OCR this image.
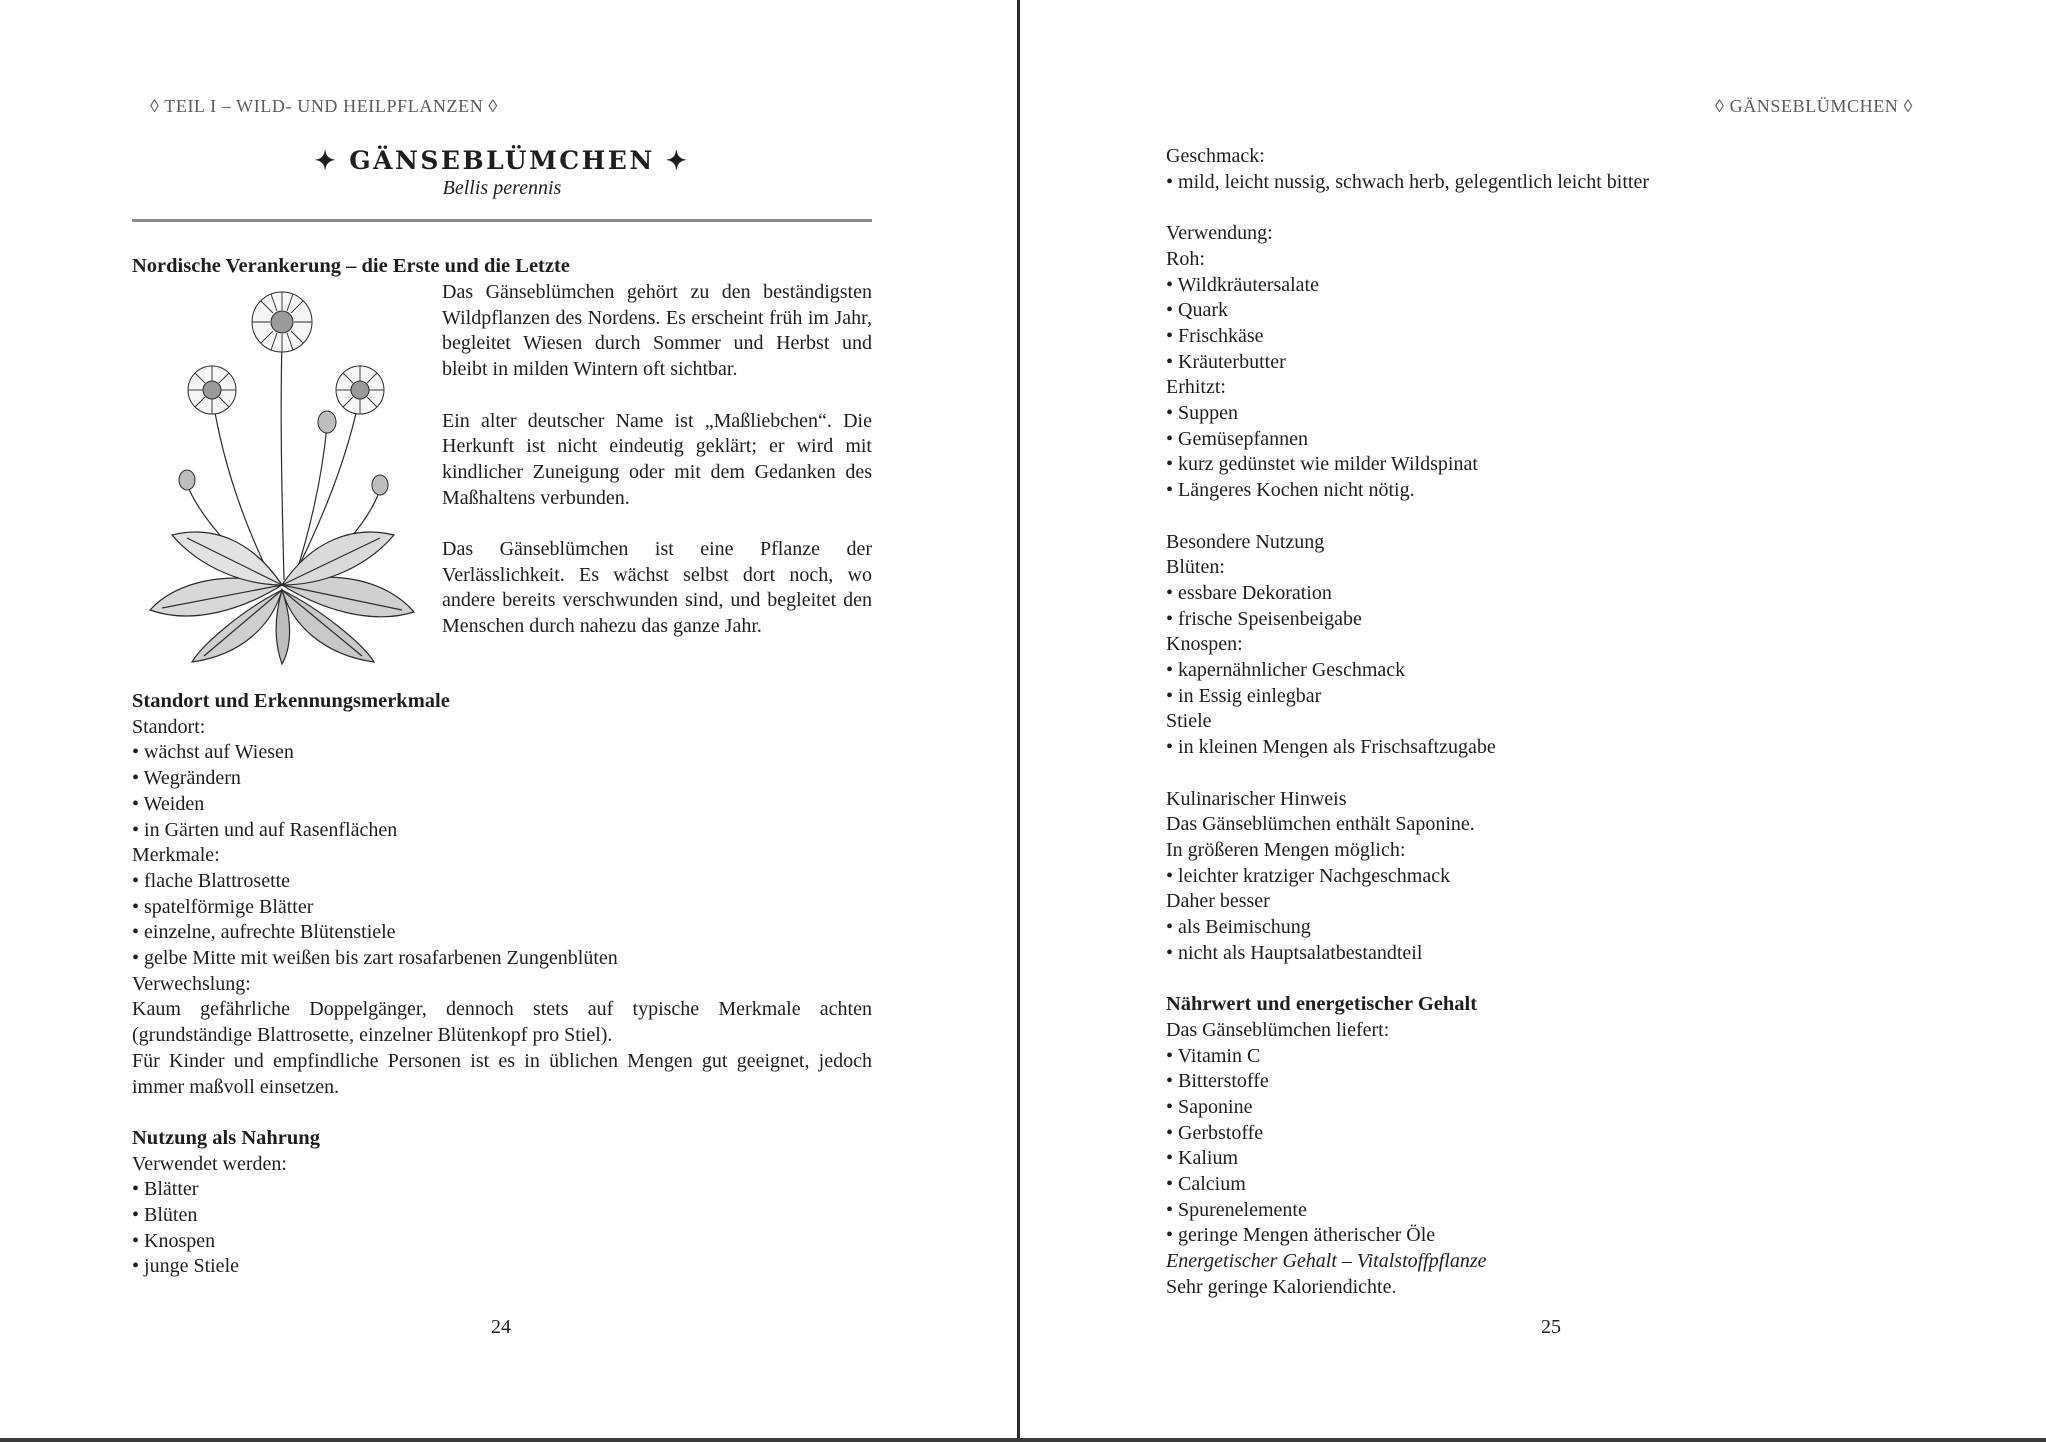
◊ TEIL I – WILD- UND HEILPFLANZEN ◊
✦ GÄNSEBLÜMCHEN ✦
Bellis perennis
Nordische Verankerung – die Erste und die Letzte

Das Gänseblümchen gehört zu den beständigsten Wildpflanzen des Nordens. Es erscheint früh im Jahr, begleitet Wiesen durch Sommer und Herbst und bleibt in milden Wintern oft sichtbar.

Ein alter deutscher Name ist „Maßliebchen“. Die Herkunft ist nicht eindeutig geklärt; er wird mit kindlicher Zuneigung oder mit dem Gedanken des Maßhaltens verbunden.

Das Gänseblümchen ist eine Pflanze der Verlässlichkeit. Es wächst selbst dort noch, wo andere bereits verschwunden sind, und begleitet den Menschen durch nahezu das ganze Jahr.

Standort und Erkennungsmerkmale
Standort:
• wächst auf Wiesen
• Wegrändern
• Weiden
• in Gärten und auf Rasenflächen
Merkmale:
• flache Blattrosette
• spatelförmige Blätter
• einzelne, aufrechte Blütenstiele
• gelbe Mitte mit weißen bis zart rosafarbenen Zungenblüten
Verwechslung:
Kaum gefährliche Doppelgänger, dennoch stets auf typische Merkmale achten (grundständige Blattrosette, einzelner Blütenkopf pro Stiel).
Für Kinder und empfindliche Personen ist es in üblichen Mengen gut geeignet, jedoch immer maßvoll einsetzen.
Nutzung als Nahrung
Verwendet werden:
• Blätter
• Blüten
• Knospen
• junge Stiele
24
◊ GÄNSEBLÜMCHEN ◊
Geschmack:
• mild, leicht nussig, schwach herb, gelegentlich leicht bitter
Verwendung:
Roh:
• Wildkräutersalate
• Quark
• Frischkäse
• Kräuterbutter
Erhitzt:
• Suppen
• Gemüsepfannen
• kurz gedünstet wie milder Wildspinat
• Längeres Kochen nicht nötig.
Besondere Nutzung
Blüten:
• essbare Dekoration
• frische Speisenbeigabe
Knospen:
• kapernähnlicher Geschmack
• in Essig einlegbar
Stiele
• in kleinen Mengen als Frischsaftzugabe
Kulinarischer Hinweis
Das Gänseblümchen enthält Saponine.
In größeren Mengen möglich:
• leichter kratziger Nachgeschmack
Daher besser
• als Beimischung
• nicht als Hauptsalatbestandteil
Nährwert und energetischer Gehalt
Das Gänseblümchen liefert:
• Vitamin C
• Bitterstoffe
• Saponine
• Gerbstoffe
• Kalium
• Calcium
• Spurenelemente
• geringe Mengen ätherischer Öle
Energetischer Gehalt – Vitalstoffpflanze
Sehr geringe Kaloriendichte.
25
